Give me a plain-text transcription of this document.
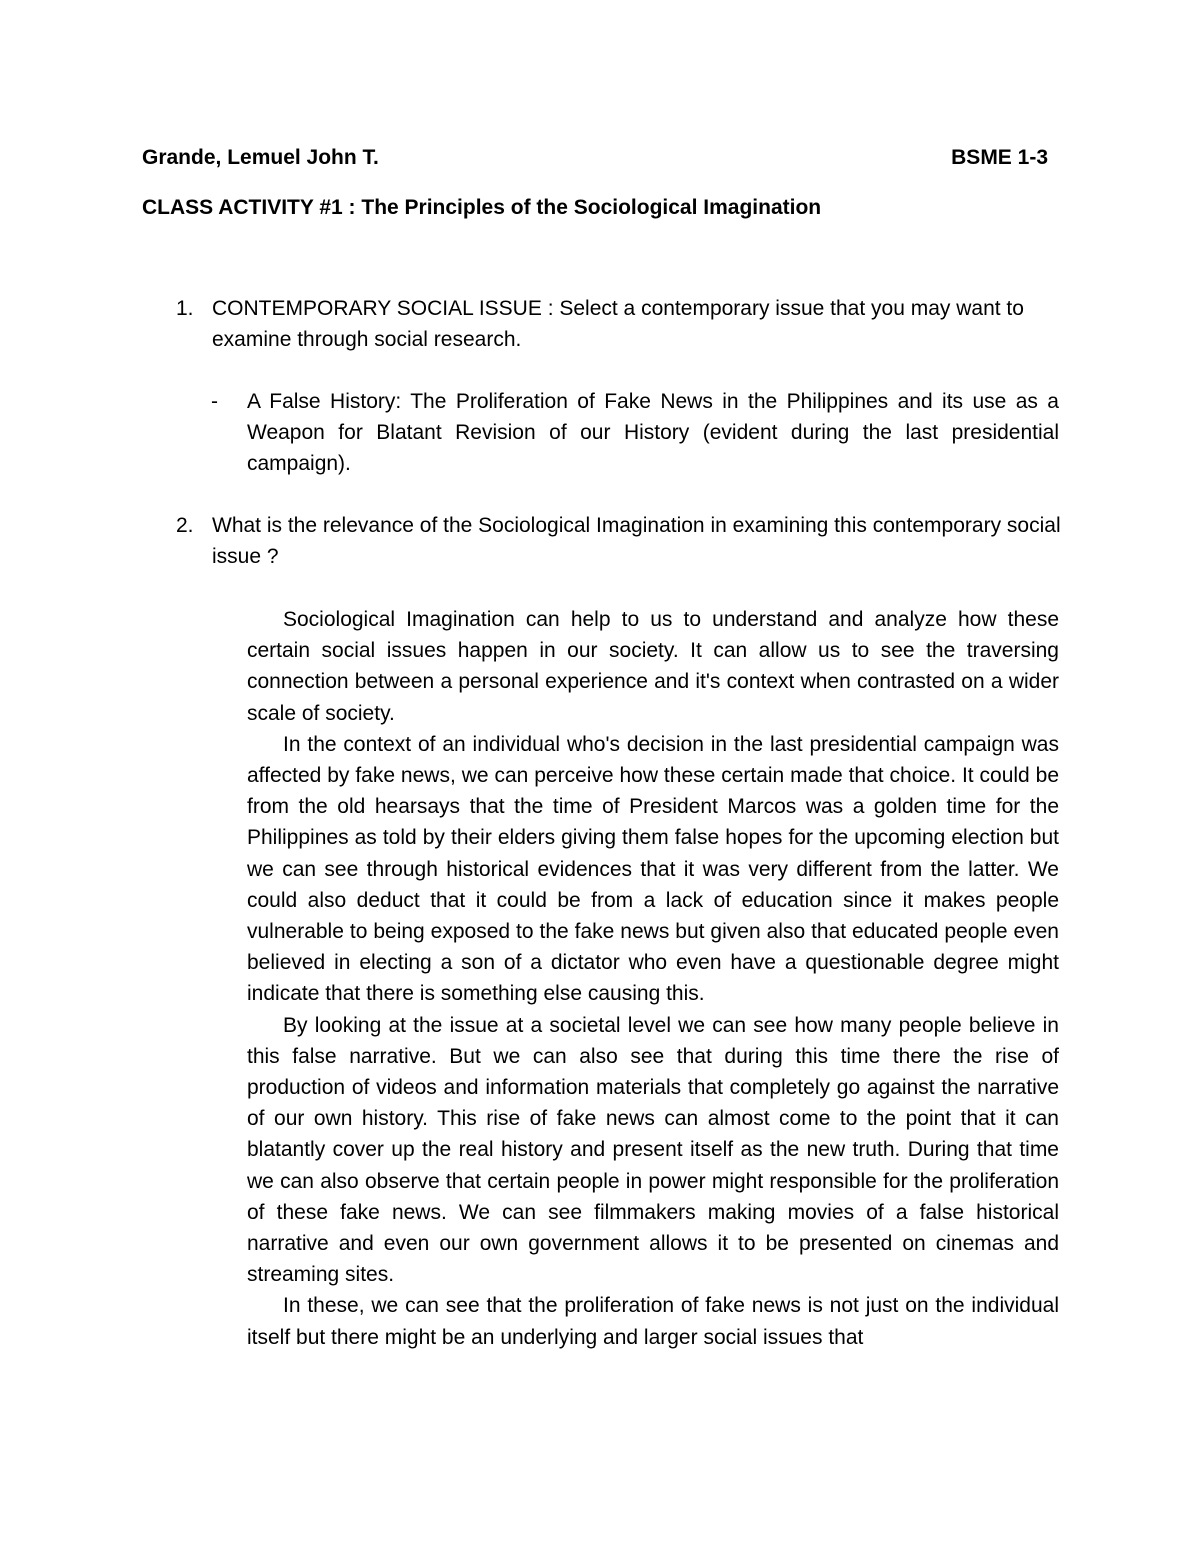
Grande, Lemuel John T.	BSME 1-3
CLASS ACTIVITY #1 : The Principles of the Sociological Imagination
1. CONTEMPORARY SOCIAL ISSUE : Select a contemporary issue that you may want to examine through social research.
- A False History: The Proliferation of Fake News in the Philippines and its use as a Weapon for Blatant Revision of our History (evident during the last presidential campaign).
2. What is the relevance of the Sociological Imagination in examining this contemporary social issue ?

Sociological Imagination can help to us to understand and analyze how these certain social issues happen in our society. It can allow us to see the traversing connection between a personal experience and it's context when contrasted on a wider scale of society.

In the context of an individual who's decision in the last presidential campaign was affected by fake news, we can perceive how these certain made that choice. It could be from the old hearsays that the time of President Marcos was a golden time for the Philippines as told by their elders giving them false hopes for the upcoming election but we can see through historical evidences that it was very different from the latter. We could also deduct that it could be from a lack of education since it makes people vulnerable to being exposed to the fake news but given also that educated people even believed in electing a son of a dictator who even have a questionable degree might indicate that there is something else causing this.

By looking at the issue at a societal level we can see how many people believe in this false narrative. But we can also see that during this time there the rise of production of videos and information materials that completely go against the narrative of our own history. This rise of fake news can almost come to the point that it can blatantly cover up the real history and present itself as the new truth. During that time we can also observe that certain people in power might responsible for the proliferation of these fake news. We can see filmmakers making movies of a false historical narrative and even our own government allows it to be presented on cinemas and streaming sites.

In these, we can see that the proliferation of fake news is not just on the individual itself but there might be an underlying and larger social issues that
